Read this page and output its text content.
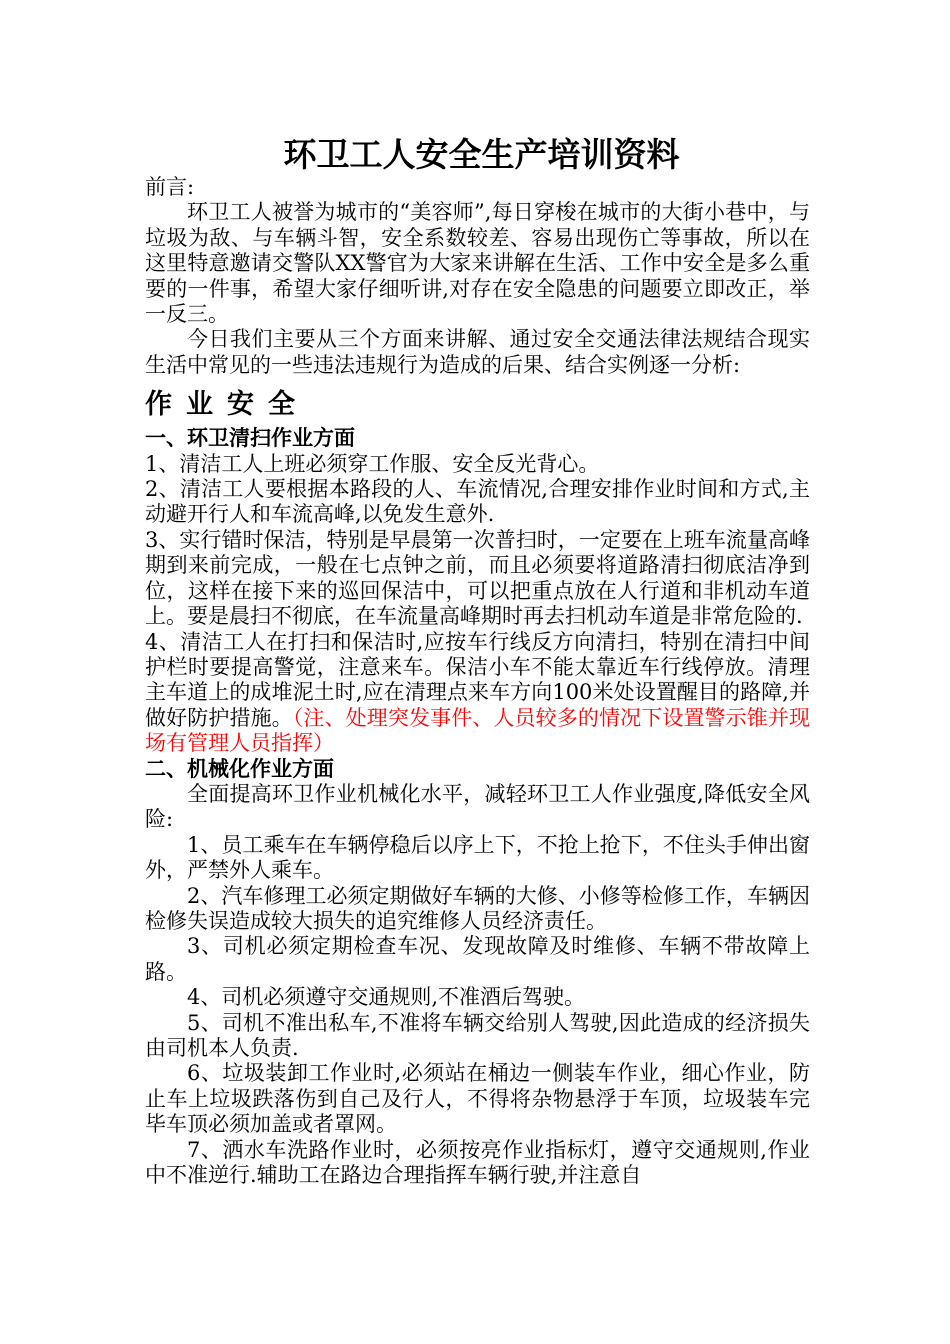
环卫工人安全生产培训资料

前言:

环卫工人被誉为城市的“美容师”,每日穿梭在城市的大街小巷中，与垃圾为敌、与车辆斗智，安全系数较差、容易出现伤亡等事故，所以在这里特意邀请交警队XX警官为大家来讲解在生活、工作中安全是多么重要的一件事，希望大家仔细听讲,对存在安全隐患的问题要立即改正，举一反三。

今日我们主要从三个方面来讲解、通过安全交通法律法规结合现实生活中常见的一些违法违规行为造成的后果、结合实例逐一分析:

作业安全

一、环卫清扫作业方面

1、清洁工人上班必须穿工作服、安全反光背心。

2、清洁工人要根据本路段的人、车流情况,合理安排作业时间和方式,主动避开行人和车流高峰,以免发生意外.

3、实行错时保洁，特别是早晨第一次普扫时，一定要在上班车流量高峰期到来前完成，一般在七点钟之前，而且必须要将道路清扫彻底洁净到位，这样在接下来的巡回保洁中，可以把重点放在人行道和非机动车道上。要是晨扫不彻底，在车流量高峰期时再去扫机动车道是非常危险的.

4、清洁工人在打扫和保洁时,应按车行线反方向清扫，特别在清扫中间护栏时要提高警觉，注意来车。保洁小车不能太靠近车行线停放。清理主车道上的成堆泥土时,应在清理点来车方向100米处设置醒目的路障,并做好防护措施。（注、处理突发事件、人员较多的情况下设置警示锥并现场有管理人员指挥）

二、机械化作业方面

全面提高环卫作业机械化水平，减轻环卫工人作业强度,降低安全风险:

1、员工乘车在车辆停稳后以序上下，不抢上抢下，不住头手伸出窗外，严禁外人乘车。

2、汽车修理工必须定期做好车辆的大修、小修等检修工作，车辆因检修失误造成较大损失的追究维修人员经济责任。

3、司机必须定期检查车况、发现故障及时维修、车辆不带故障上路。

4、司机必须遵守交通规则,不准酒后驾驶。

5、司机不准出私车,不准将车辆交给别人驾驶,因此造成的经济损失由司机本人负责.

6、垃圾装卸工作业时,必须站在桶边一侧装车作业，细心作业，防止车上垃圾跌落伤到自己及行人，不得将杂物悬浮于车顶，垃圾装车完毕车顶必须加盖或者罩网。

7、洒水车洗路作业时，必须按亮作业指标灯，遵守交通规则,作业中不准逆行.辅助工在路边合理指挥车辆行驶,并注意自
